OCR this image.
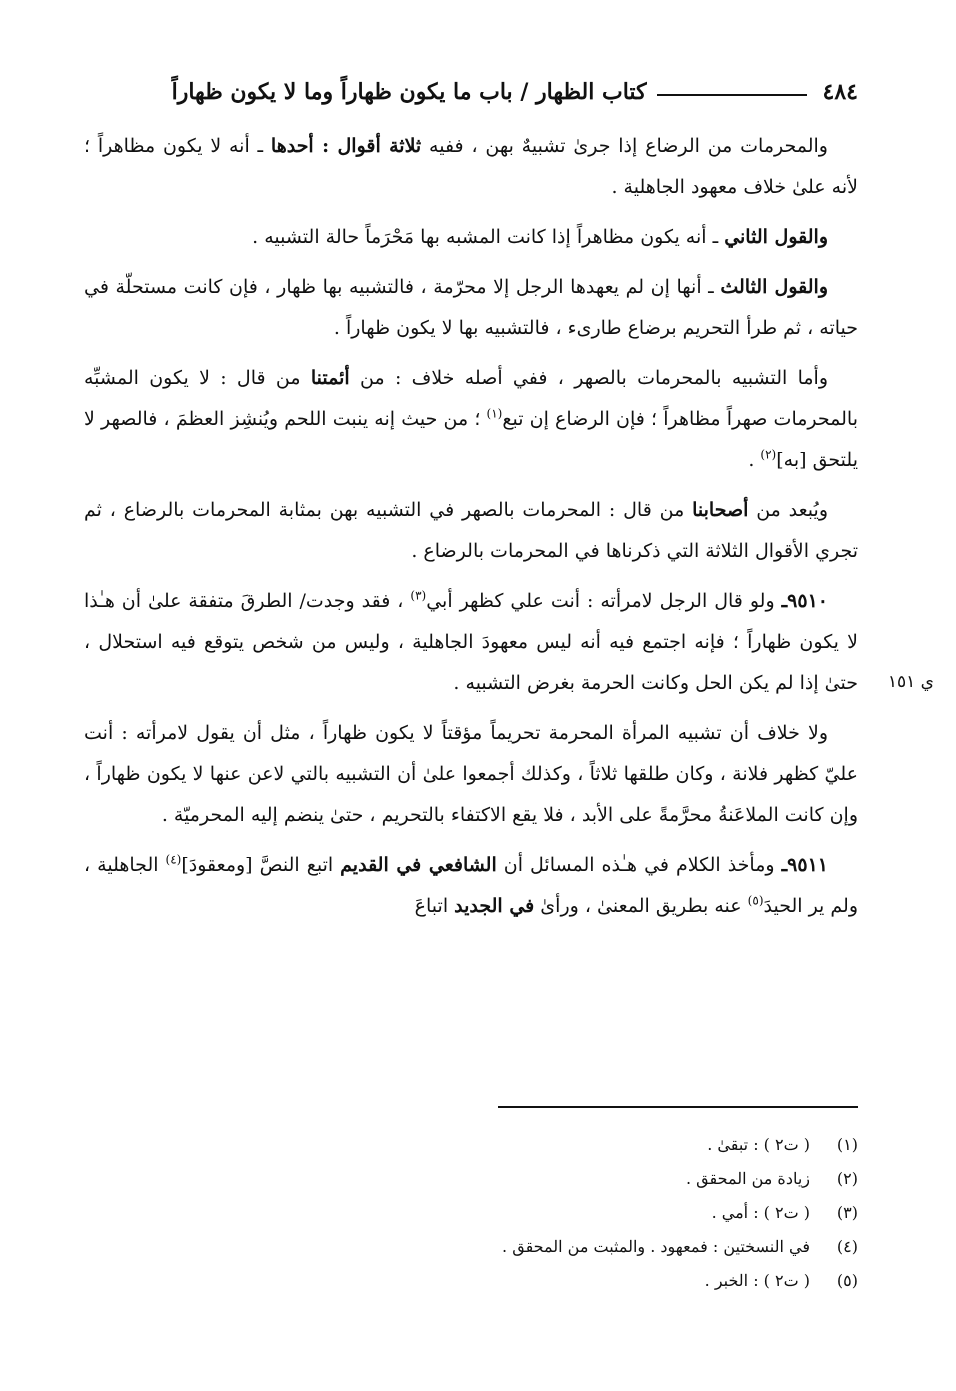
٤٨٤
كتاب الظهار / باب ما يكون ظهاراً وما لا يكون ظهاراً
ي ١٥١

والمحرمات من الرضاع إذا جرىٰ تشبيهٌ بهن ، ففيه ثلاثة أقوال : أحدها ـ أنه لا يكون مظاهراً ؛ لأنه علىٰ خلاف معهود الجاهلية .

والقول الثاني ـ أنه يكون مظاهراً إذا كانت المشبه بها مَحْرَماً حالة التشبيه .

والقول الثالث ـ أنها إن لم يعهدها الرجل إلا محرّمة ، فالتشبيه بها ظهار ، فإن كانت مستحلّة في حياته ، ثم طرأ التحريم برضاع طارىء ، فالتشبيه بها لا يكون ظهاراً .

وأما التشبيه بالمحرمات بالصهر ، ففي أصله خلاف : من أئمتنا من قال : لا يكون المشبِّه بالمحرمات صهراً مظاهراً ؛ فإن الرضاع إن تبع$^{(١)}$ ؛ من حيث إنه ينبت اللحم ويُنشِز العظمَ ، فالصهر لا يلتحق [به]$^{(٢)}$ .

ويُبعد من أصحابنا من قال : المحرمات بالصهر في التشبيه بهن بمثابة المحرمات بالرضاع ، ثم تجري الأقوال الثلاثة التي ذكرناها في المحرمات بالرضاع .

٩٥١٠ـ ولو قال الرجل لامرأته : أنت علي كظهر أبي$^{(٣)}$ ، فقد وجدت/ الطرقَ متفقة علىٰ أن هـٰذا لا يكون ظهاراً ؛ فإنه اجتمع فيه أنه ليس معهودَ الجاهلية ، وليس من شخص يتوقع فيه استحلال ، حتىٰ إذا لم يكن الحل وكانت الحرمة بغرض التشبيه .

ولا خلاف أن تشبيه المرأة المحرمة تحريماً مؤقتاً لا يكون ظهاراً ، مثل أن يقول لامرأته : أنت عليّ كظهر فلانة ، وكان طلقها ثلاثاً ، وكذلك أجمعوا علىٰ أن التشبيه بالتي لاعن عنها لا يكون ظهاراً ، وإن كانت الملاعَنةُ محرَّمةً على الأبد ، فلا يقع الاكتفاء بالتحريم ، حتىٰ ينضم إليه المحرميّة .

٩٥١١ـ ومأخذ الكلام في هـٰذه المسائل أن الشافعي في القديم اتبع النصَّ [ومعقودَ]$^{(٤)}$ الجاهلية ، ولم ير الحيدَ$^{(٥)}$ عنه بطريق المعنىٰ ، ورأىٰ في الجديد اتباعَ

(١)
( ت٢ ) : تبقىٰ .
(٢)
زيادة من المحقق .
(٣)
( ت٢ ) : أمي .
(٤)
في النسختين : فمعهود . والمثبت من المحقق .
(٥)
( ت٢ ) : الخبر .
